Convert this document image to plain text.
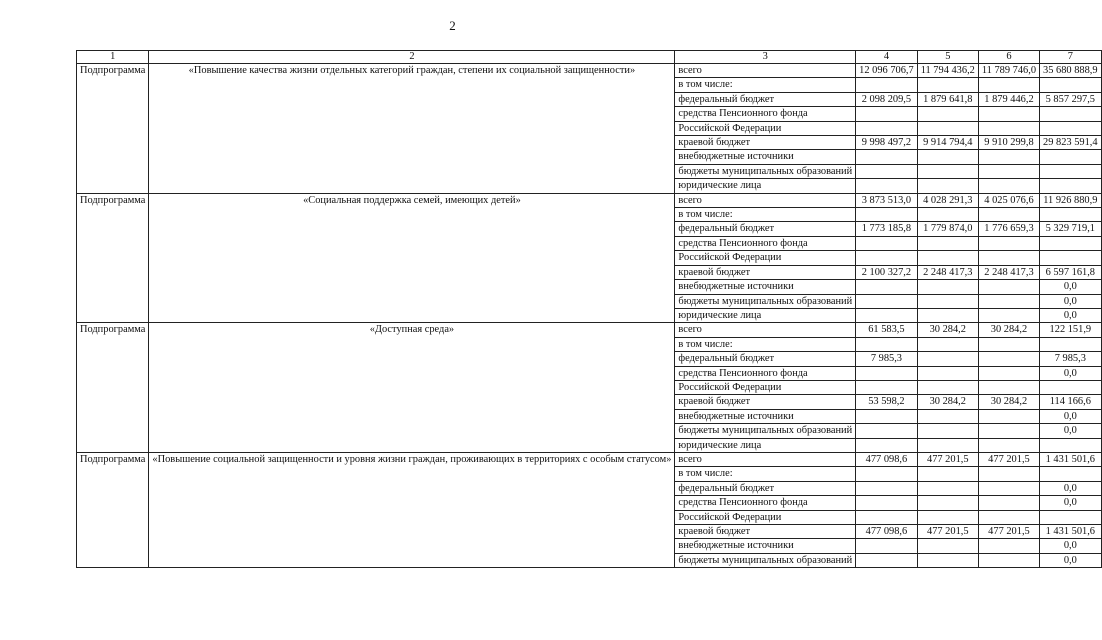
2
1	2	3	4	5	6	7
Подпрограмма	«Повышение качества жизни отдельных категорий граждан, степени их социальной защищенности»	всего	12 096 706,7	11 794 436,2	11 789 746,0	35 680 888,9
		в том числе:				
		федеральный бюджет	2 098 209,5	1 879 641,8	1 879 446,2	5 857 297,5
		средства Пенсионного фонда				
		Российской Федерации				
		краевой бюджет	9 998 497,2	9 914 794,4	9 910 299,8	29 823 591,4
		внебюджетные источники				
		бюджеты муниципальных образований				
		юридические лица				
Подпрограмма	«Социальная поддержка семей, имеющих детей»	всего	3 873 513,0	4 028 291,3	4 025 076,6	11 926 880,9
		в том числе:				
		федеральный бюджет	1 773 185,8	1 779 874,0	1 776 659,3	5 329 719,1
		средства Пенсионного фонда				
		Российской Федерации				
		краевой бюджет	2 100 327,2	2 248 417,3	2 248 417,3	6 597 161,8
		внебюджетные источники				0,0
		бюджеты муниципальных образований				0,0
		юридические лица				0,0
Подпрограмма	«Доступная среда»	всего	61 583,5	30 284,2	30 284,2	122 151,9
		в том числе:				
		федеральный бюджет	7 985,3			7 985,3
		средства Пенсионного фонда				0,0
		Российской Федерации				
		краевой бюджет	53 598,2	30 284,2	30 284,2	114 166,6
		внебюджетные источники				0,0
		бюджеты муниципальных образований				0,0
		юридические лица				
Подпрограмма	«Повышение социальной защищенности и уровня жизни граждан, проживающих в территориях с особым статусом»	всего	477 098,6	477 201,5	477 201,5	1 431 501,6
		в том числе:				
		федеральный бюджет				0,0
		средства Пенсионного фонда				0,0
		Российской Федерации				
		краевой бюджет	477 098,6	477 201,5	477 201,5	1 431 501,6
		внебюджетные источники				0,0
		бюджеты муниципальных образований				0,0
